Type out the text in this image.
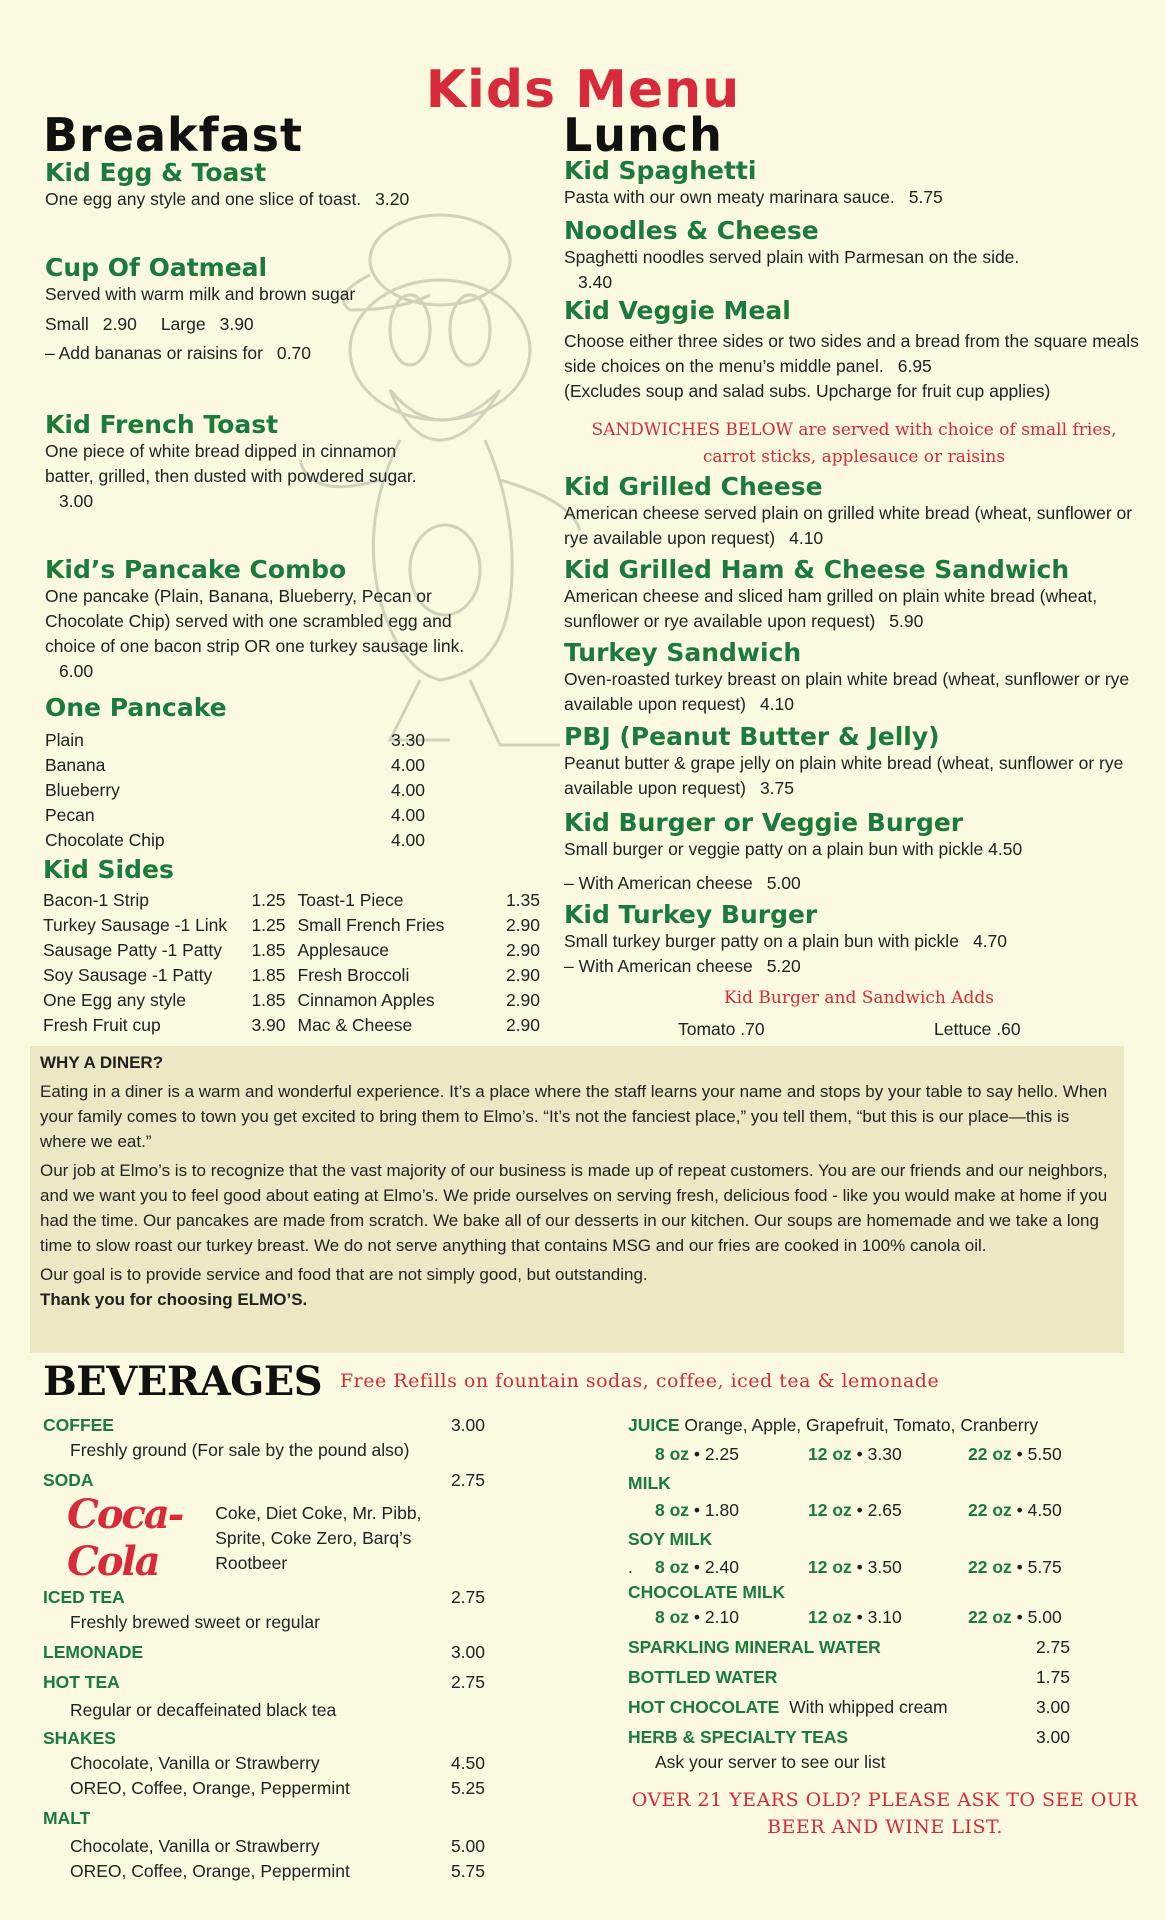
Kids Menu
Breakfast
Kid Egg & Toast
One egg any style and one slice of toast. 3.20
Cup Of Oatmeal
Served with warm milk and brown sugar
Small 2.90 Large 3.90
– Add bananas or raisins for 0.70
Kid French Toast
One piece of white bread dipped in cinnamon batter, grilled, then dusted with powdered sugar.3.00
Kid’s Pancake Combo
One pancake (Plain, Banana, Blueberry, Pecan or Chocolate Chip) served with one scrambled egg and choice of one bacon strip OR one turkey sausage link.6.00
One Pancake
Plain	3.30
Banana	4.00
Blueberry	4.00
Pecan	4.00
Chocolate Chip	4.00
Kid Sides
Bacon-1 Strip	1.25
Turkey Sausage -1 Link 1.25
Sausage Patty -1 Patty 1.85
Soy Sausage -1 Patty 1.85
One Egg any style	1.85
Fresh Fruit cup	3.90
Toast-1 Piece	1.35
Small French Fries	2.90
Applesauce	2.90
Fresh Broccoli	2.90
Cinnamon Apples	2.90
Mac & Cheese	2.90
Lunch
Kid Spaghetti
Pasta with our own meaty marinara sauce. 5.75
Noodles & Cheese
Spaghetti noodles served plain with Parmesan on the side.3.40
Kid Veggie Meal
Choose either three sides or two sides and a bread from the square meals side choices on the menu’s middle panel. 6.95
(Excludes soup and salad subs. Upcharge for fruit cup applies)
SANDWICHES BELOW are served with choice of small fries,
carrot sticks, applesauce or raisins
Kid Grilled Cheese
American cheese served plain on grilled white bread (wheat, sunflower or rye available upon request) 4.10
Kid Grilled Ham & Cheese Sandwich
American cheese and sliced ham grilled on plain white bread (wheat, sunflower or rye available upon request) 5.90
Turkey Sandwich
Oven-roasted turkey breast on plain white bread (wheat, sunflower or rye available upon request) 4.10
PBJ (Peanut Butter & Jelly)
Peanut butter & grape jelly on plain white bread (wheat, sunflower or rye available upon request) 3.75
Kid Burger or Veggie Burger
Small burger or veggie patty on a plain bun with pickle 4.50
– With American cheese 5.00
Kid Turkey Burger
Small turkey burger patty on a plain bun with pickle 4.70
– With American cheese 5.20
Kid Burger and Sandwich Adds
Tomato .70	Lettuce .60
WHY A DINER?

Eating in a diner is a warm and wonderful experience. It’s a place where the staff learns your name and stops by your table to say hello. When your family comes to town you get excited to bring them to Elmo’s. “It’s not the fanciest place,” you tell them, “but this is our place—this is where we eat.”

Our job at Elmo’s is to recognize that the vast majority of our business is made up of repeat customers. You are our friends and our neighbors, and we want you to feel good about eating at Elmo’s. We pride ourselves on serving fresh, delicious food - like you would make at home if you had the time. Our pancakes are made from scratch. We bake all of our desserts in our kitchen. Our soups are homemade and we take a long time to slow roast our turkey breast. We do not serve anything that contains MSG and our fries are cooked in 100% canola oil.

Our goal is to provide service and food that are not simply good, but outstanding.

Thank you for choosing ELMO’S.
BEVERAGES Free Refills on fountain sodas, coffee, iced tea & lemonade
COFFEE	3.00
Freshly ground (For sale by the pound also)
SODA	2.75
Coca-Cola
Coke, Diet Coke, Mr. Pibb,
Sprite, Coke Zero, Barq’s Rootbeer
ICED TEA	2.75
Freshly brewed sweet or regular
LEMONADE	3.00
HOT TEA	2.75
Regular or decaffeinated black tea
SHAKES
Chocolate, Vanilla or Strawberry	4.50
OREO, Coffee, Orange, Peppermint	5.25
MALT
Chocolate, Vanilla or Strawberry	5.00
OREO, Coffee, Orange, Peppermint	5.75
JUICE Orange, Apple, Grapefruit, Tomato, Cranberry
8 oz • 2.25	12 oz • 3.30	22 oz • 5.50
MILK
8 oz • 1.80	12 oz • 2.65	22 oz • 4.50
SOY MILK
.	8 oz • 2.40	12 oz • 3.50	22 oz • 5.75
CHOCOLATE MILK
8 oz • 2.10	12 oz • 3.10	22 oz • 5.00
SPARKLING MINERAL WATER	2.75
BOTTLED WATER	1.75
HOT CHOCOLATE With whipped cream	3.00
HERB & SPECIALTY TEAS	3.00
Ask your server to see our list
OVER 21 YEARS OLD? PLEASE ASK TO SEE OUR
BEER AND WINE LIST.
